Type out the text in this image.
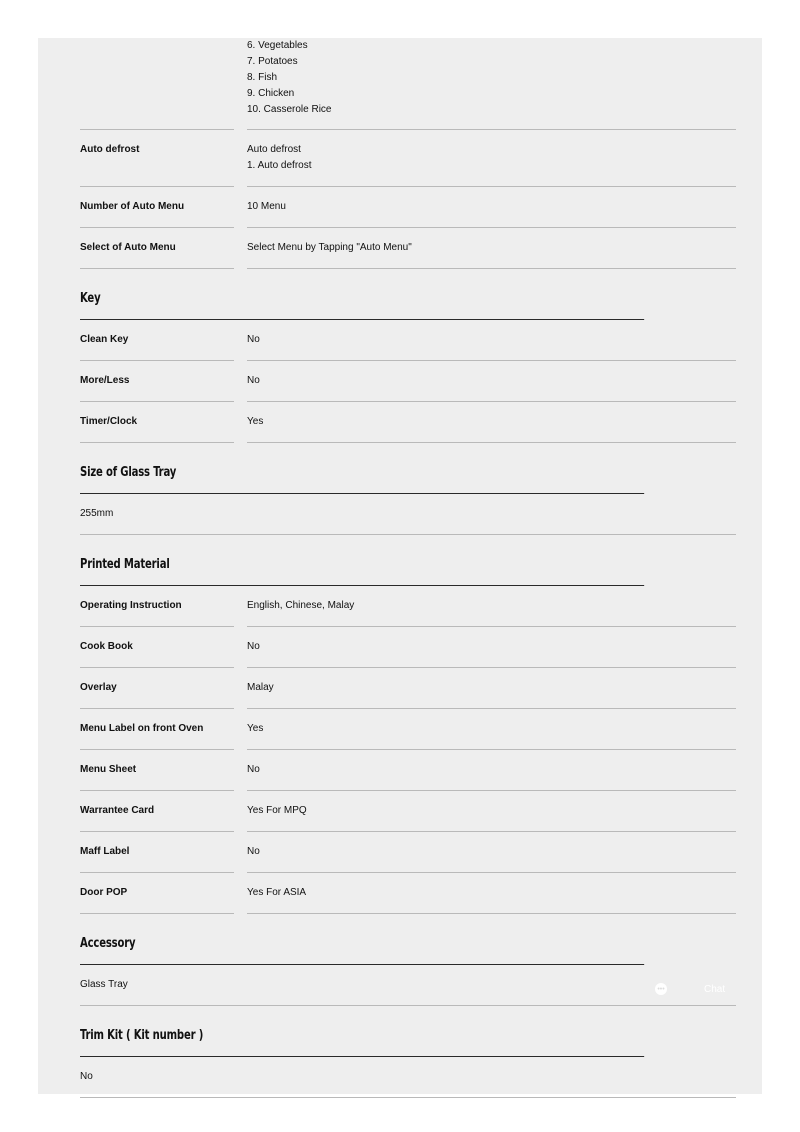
6. Vegetables
7. Potatoes
8. Fish
9. Chicken
10. Casserole Rice
Auto defrost	Auto defrost
1. Auto defrost
Number of Auto Menu	10 Menu
Select of Auto Menu	Select Menu by Tapping "Auto Menu"
Key
Clean Key	No
More/Less	No
Timer/Clock	Yes
Size of Glass Tray
255mm
Printed Material
Operating Instruction	English, Chinese, Malay
Cook Book	No
Overlay	Malay
Menu Label on front Oven	Yes
Menu Sheet	No
Warrantee Card	Yes For MPQ
Maff Label	No
Door POP	Yes For ASIA
Accessory
Glass Tray
Trim Kit ( Kit number )
No
•••	Chat
